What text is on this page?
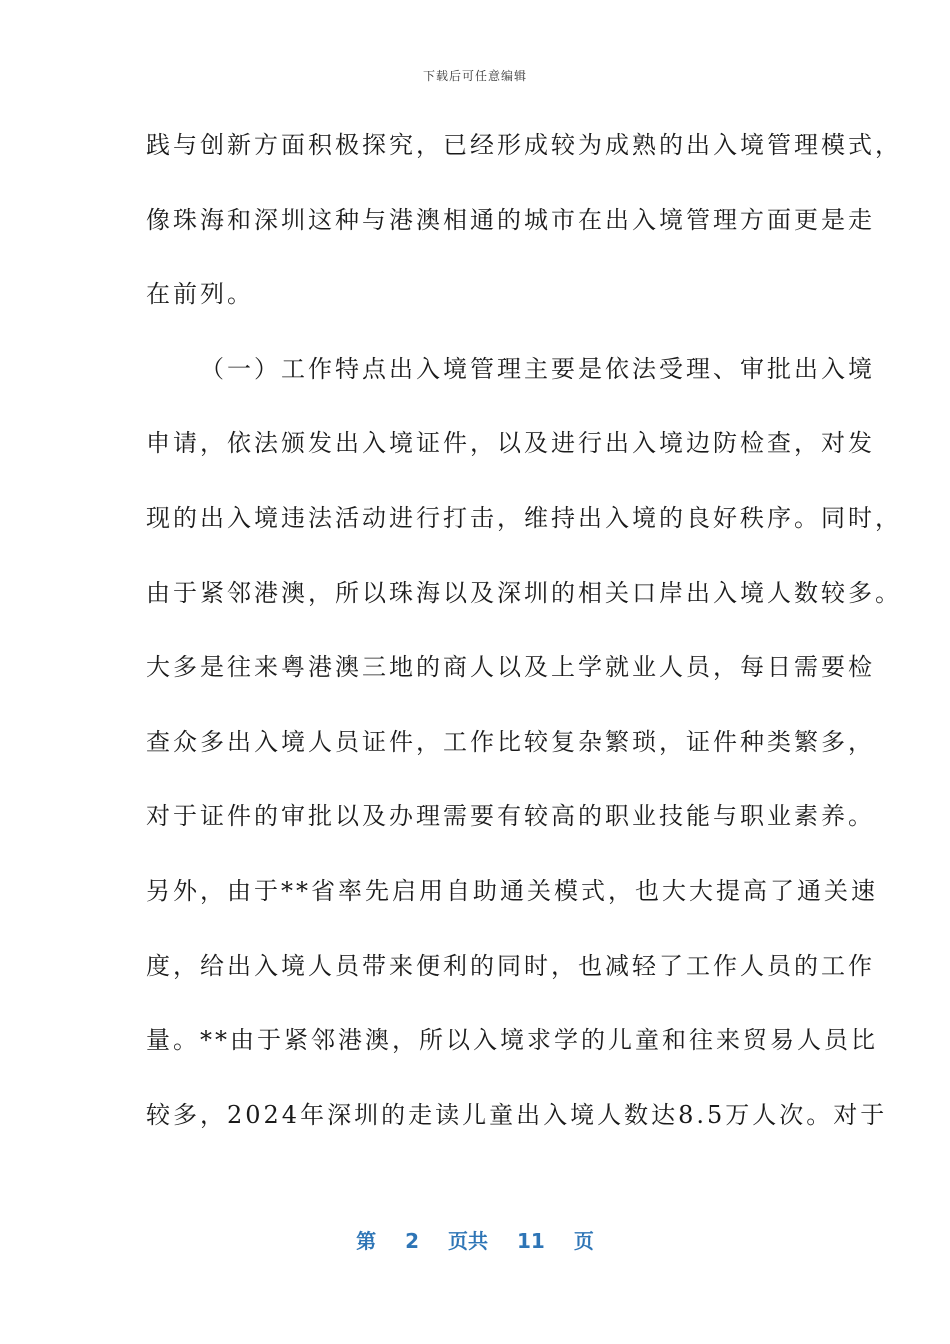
下载后可任意编辑
践与创新方面积极探究，已经形成较为成熟的出入境管理模式，
像珠海和深圳这种与港澳相通的城市在出入境管理方面更是走
在前列。
（一）工作特点出入境管理主要是依法受理、审批出入境
申请，依法颁发出入境证件，以及进行出入境边防检查，对发
现的出入境违法活动进行打击，维持出入境的良好秩序。同时，
由于紧邻港澳，所以珠海以及深圳的相关口岸出入境人数较多。
大多是往来粤港澳三地的商人以及上学就业人员，每日需要检
查众多出入境人员证件，工作比较复杂繁琐，证件种类繁多，
对于证件的审批以及办理需要有较高的职业技能与职业素养。
另外，由于**省率先启用自助通关模式，也大大提高了通关速
度，给出入境人员带来便利的同时，也减轻了工作人员的工作
量。**由于紧邻港澳，所以入境求学的儿童和往来贸易人员比
较多，2024年深圳的走读儿童出入境人数达8.5万人次。对于
第 2 页共 11 页
